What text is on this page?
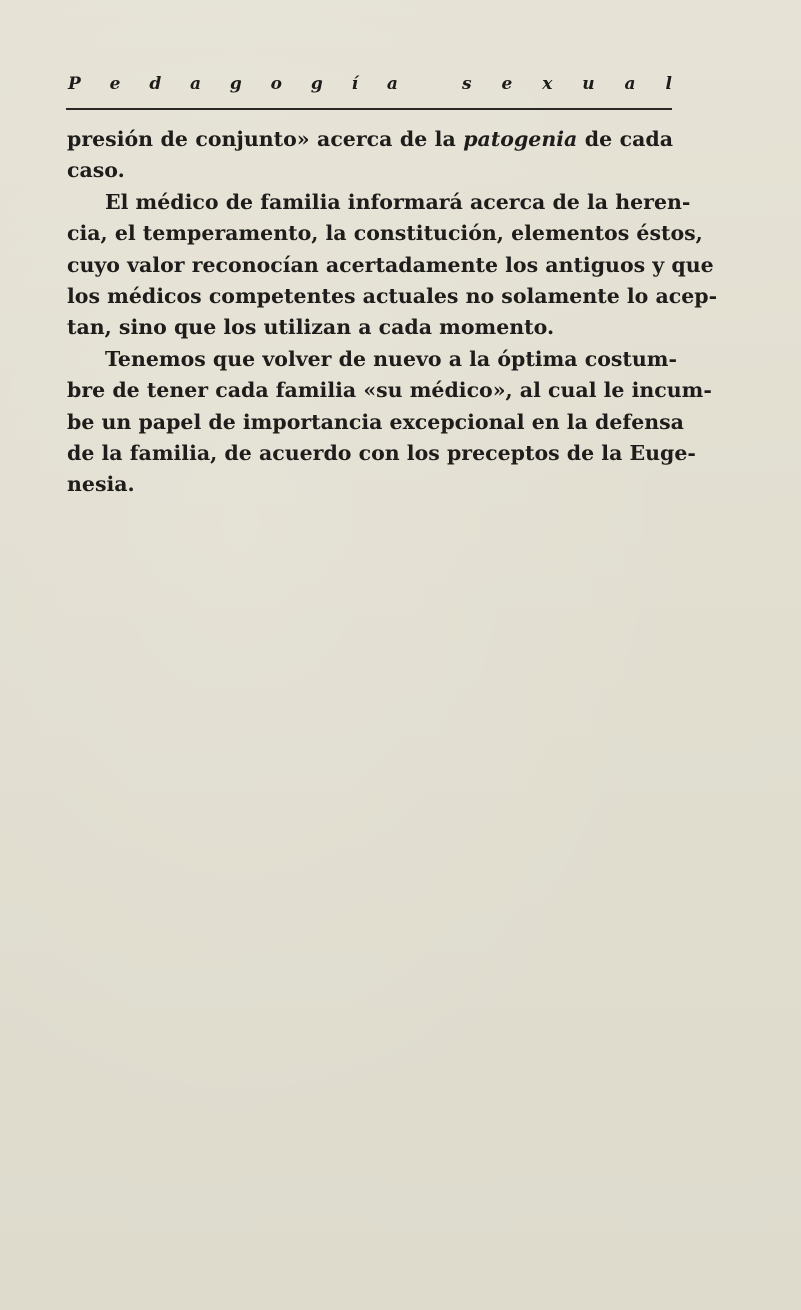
P e d a g o g í a	s e x u a l
presión de conjunto» acerca de la patogenia de cada
caso.
El médico de familia informará acerca de la heren-
cia, el temperamento, la constitución, elementos éstos,
cuyo valor reconocían acertadamente los antiguos y que
los médicos competentes actuales no solamente lo acep-
tan, sino que los utilizan a cada momento.
Tenemos que volver de nuevo a la óptima costum-
bre de tener cada familia «su médico», al cual le incum-
be un papel de importancia excepcional en la defensa
de la familia, de acuerdo con los preceptos de la Euge-
nesia.
